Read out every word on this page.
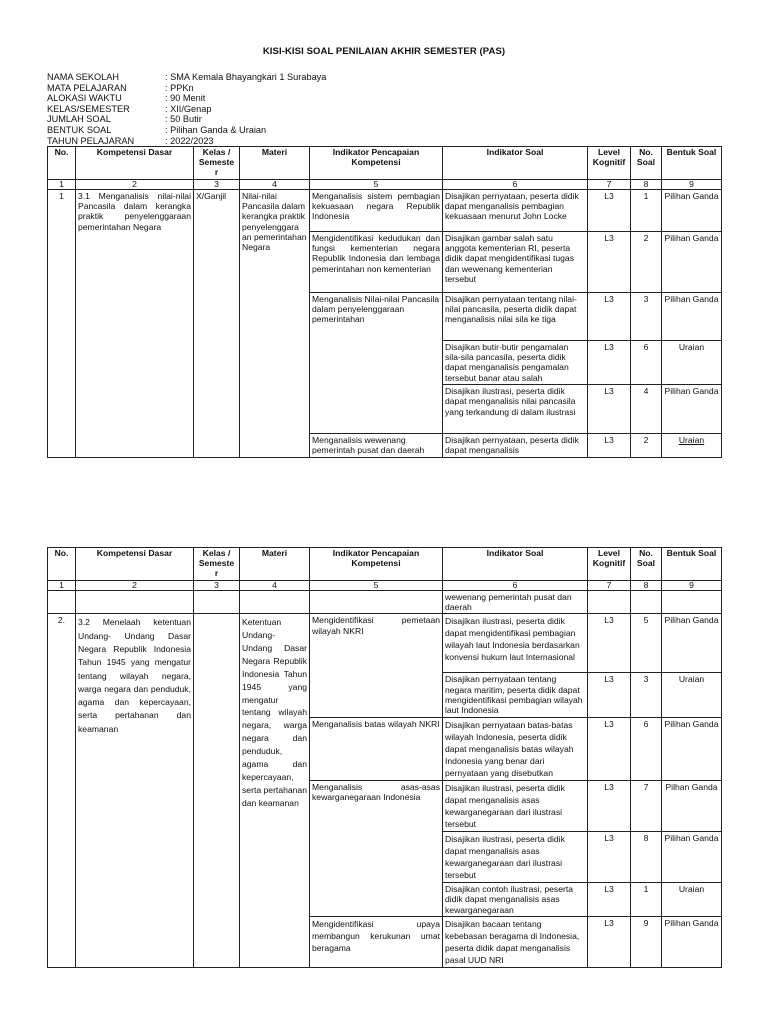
KISI-KISI SOAL PENILAIAN AKHIR SEMESTER (PAS)
NAMA SEKOLAH	: SMA Kemala Bhayangkari 1 Surabaya
MATA PELAJARAN	: PPKn
ALOKASI WAKTU	: 90 Menit
KELAS/SEMESTER	: XII/Genap
JUMLAH SOAL	: 50 Butir
BENTUK SOAL	: Pilihan Ganda & Uraian
TAHUN PELAJARAN	: 2022/2023
No.	Kompetensi Dasar	Kelas / Semeste r	Materi	Indikator Pencapaian Kompetensi	Indikator Soal	Level Kognitif	No. Soal	Bentuk Soal
1	2	3	4	5	6	7	8	9
1	3.1 Menganalisis nilai-nilai Pancasila dalam kerangka praktik penyelenggaraan pemerintahan Negara	X/Ganjil	Nilai-nilai Pancasila dalam kerangka praktik penyelenggara an pemerintahan Negara	Menganalisis sistem pembagian kekuasaan negara Republik Indonesia	Disajikan pernyataan, peserta didik dapat menganalisis pembagian kekuasaan menurut John Locke	L3	1	Pilihan Ganda
				Mengidentifikasi kedudukan dan fungsi kementerian negara Republik Indonesia dan lembaga pemerintahan non kementerian	Disajikan gambar salah satu anggota kementerian RI, peserta didik dapat mengidentifikasi tugas dan wewenang kementerian tersebut	L3	2	Pilihan Ganda
				Menganalisis Nilai-nilai Pancasila dalam penyelenggaraan pemerintahan	Disajikan pernyataan tentang nilai-nilai pancasila, peserta didik dapat menganalisis nilai sila ke tiga	L3	3	Pilihan Ganda
					Disajikan butir-butir pengamalan sila-sila pancasila, peserta didik dapat menganalisis pengamalan tersebut banar atau salah	L3	6	Uraian
					Disajikan ilustrasi, peserta didik dapat menganalisis nilai pancasila yang terkandung di dalam ilustrasi	L3	4	Pilihan Ganda
				Menganalisis wewenang pemerintah pusat dan daerah	Disajikan pernyataan, peserta didik dapat menganalisis	L3	2	Uraian
No.	Kompetensi Dasar	Kelas / Semeste r	Materi	Indikator Pencapaian Kompetensi	Indikator Soal	Level Kognitif	No. Soal	Bentuk Soal
1	2	3	4	5	6	7	8	9
					wewenang pemerintah pusat dan daerah			
2.	3.2 Menelaah ketentuan Undang- Undang Dasar Negara Republik Indonesia Tahun 1945 yang mengatur tentang wilayah negara, warga negara dan penduduk, agama dan kepercayaan, serta pertahanan dan keamanan		Ketentuan Undang- Undang Dasar Negara Republik Indonesia Tahun 1945 yang mengatur tentang wilayah negara, warga negara dan penduduk, agama dan kepercayaan, serta pertahanan dan keamanan	Mengidentifikasi pemetaan wilayah NKRI	Disajikan ilustrasi, peserta didik dapat mengidentifikasi pembagian wilayah laut Indonesia berdasarkan konvensi hukum laut Internasional	L3	5	Pilihan Ganda
					Disajikan pernyataan tentang negara maritim, peserta didik dapat mengidentifikasi pembagian wilayah laut Indonesia	L3	3	Uraian
				Menganalisis batas wilayah NKRI	Disajikan pernyataan batas-batas wilayah Indonesia, peserta didik dapat menganalisis batas wilayah Indonesia yang benar dari pernyataan yang disebutkan	L3	6	Pilihan Ganda
				Menganalisis asas-asas kewarganegaraan Indonesia	Disajikan ilustrasi, peserta didik dapat menganalisis asas kewarganegaraan dari ilustrasi tersebut	L3	7	Pilhan Ganda
					Disajikan ilustrasi, peserta didik dapat menganalisis asas kewarganegaraan dari ilustrasi tersebut	L3	8	Pilihan Ganda
					Disajikan contoh ilustrasi, peserta didik dapat menganalisis asas kewarganegaraan	L3	1	Uraian
				Mengidentifikasi upaya membangun kerukunan umat beragama	Disajikan bacaan tentang kebebasan beragama di Indonesia, peserta didik dapat menganalisis pasal UUD NRI	L3	9	Pilihan Ganda
